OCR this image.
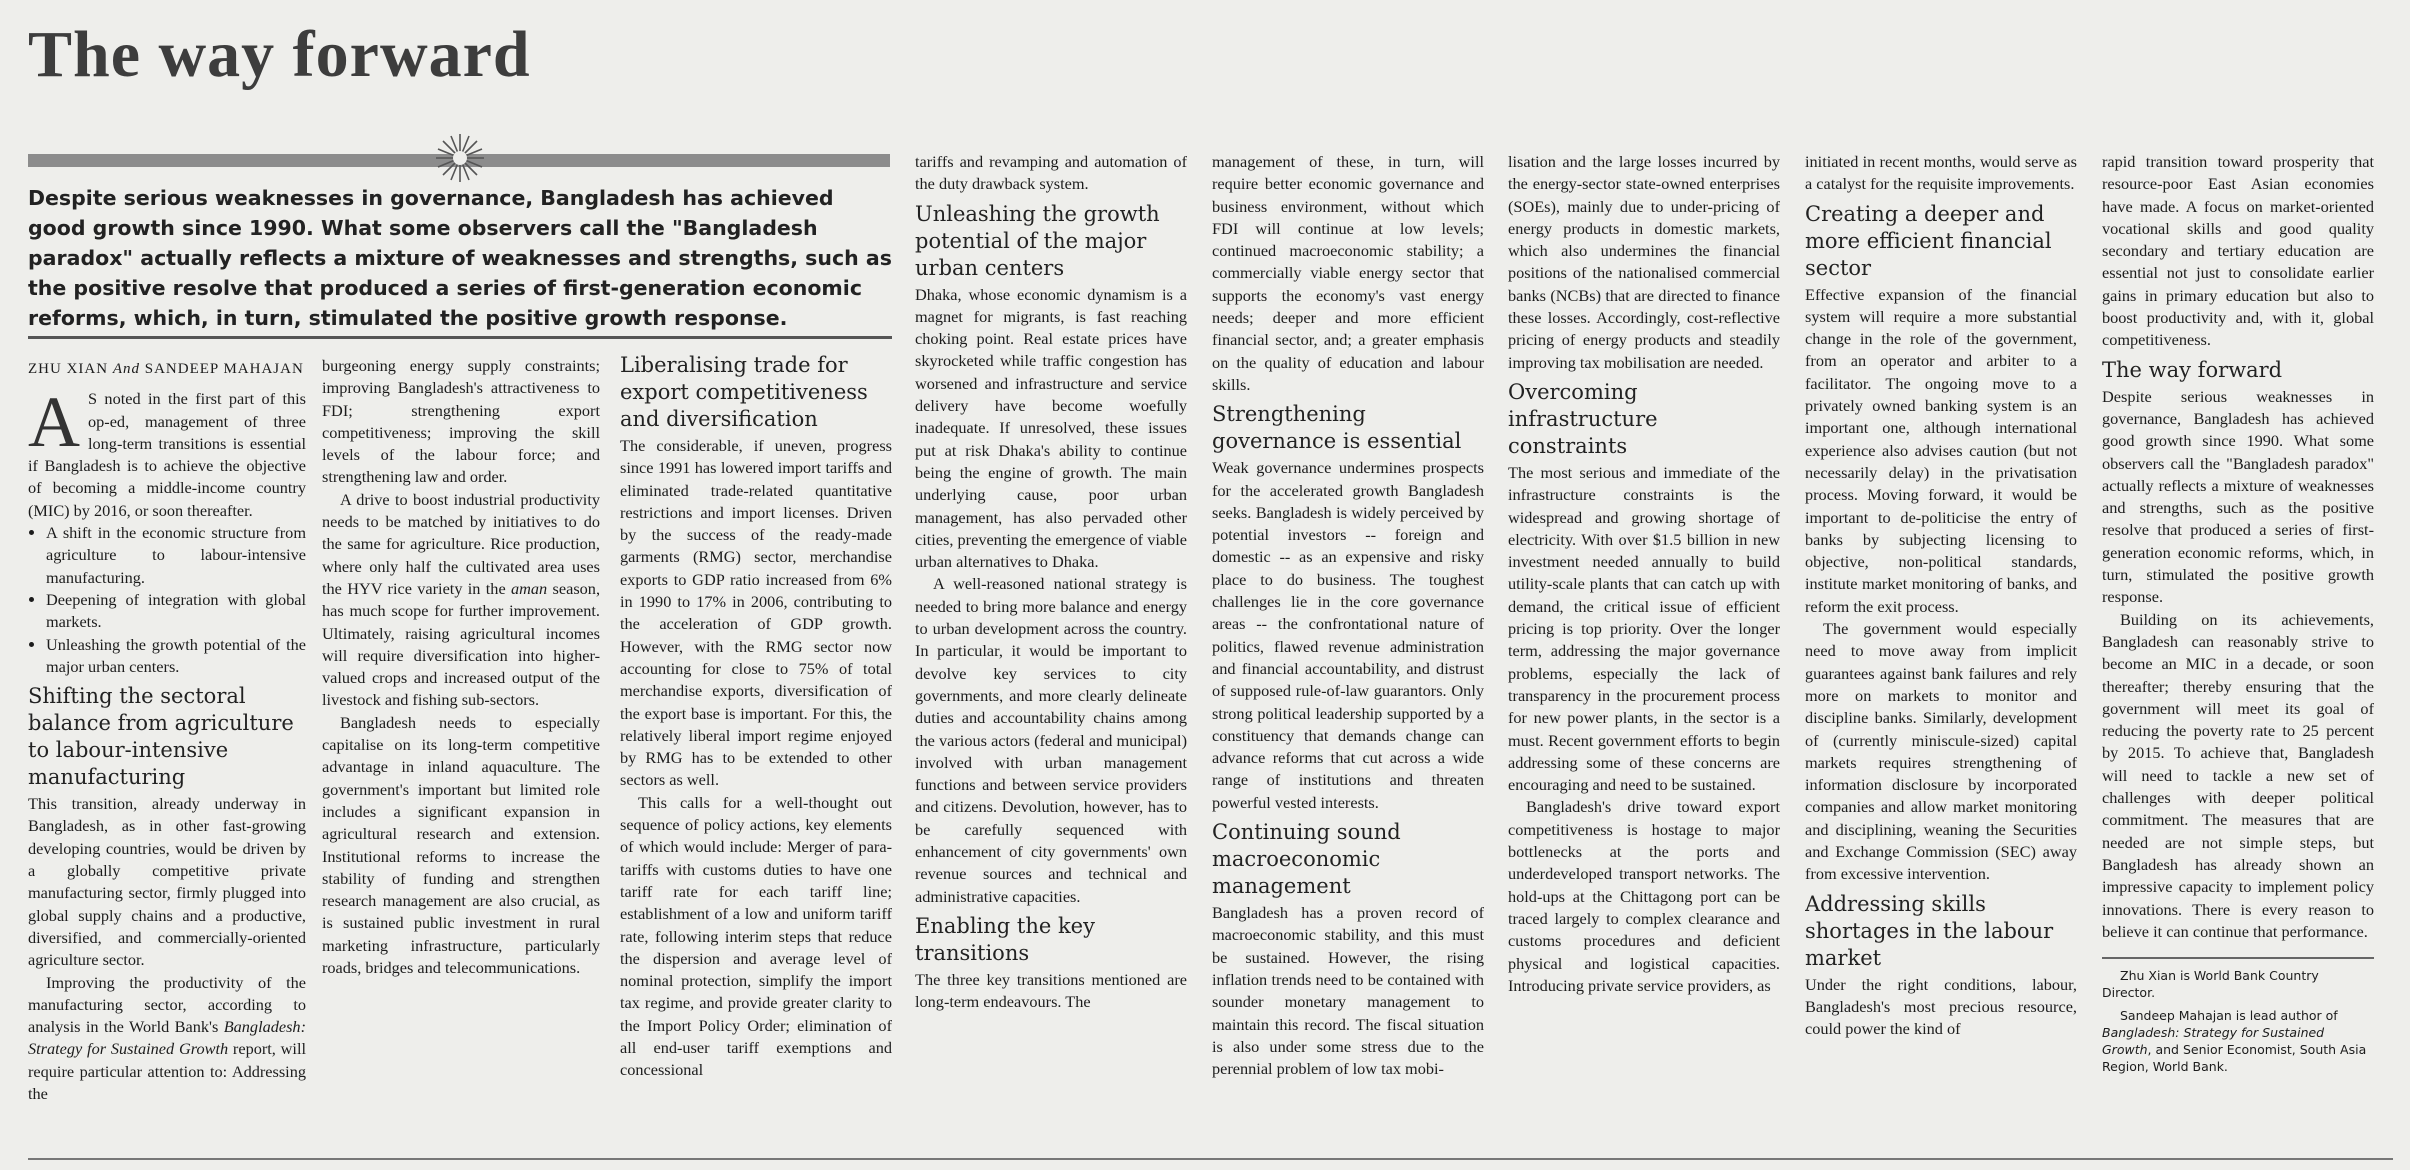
The way forward

Despite serious weaknesses in governance, Bangladesh has achieved good growth since 1990. What some observers call the "Bangladesh paradox" actually reflects a mixture of weaknesses and strengths, such as the positive resolve that produced a series of first-generation economic reforms, which, in turn, stimulated the positive growth response.

ZHU XIAN And SANDEEP MAHAJAN
A S noted in the first part of this op-ed, management of three long-term transitions is essential if Bangladesh is to achieve the objective of becoming a middle-income country (MIC) by 2016, or soon thereafter.

• A shift in the economic structure from agriculture to labour-intensive manufacturing.
• Deepening of integration with global markets.
• Unleashing the growth potential of the major urban centers.
Shifting the sectoral balance from agriculture to labour-intensive manufacturing

This transition, already underway in Bangladesh, as in other fast-growing developing countries, would be driven by a globally competitive private manufacturing sector, firmly plugged into global supply chains and a productive, diversified, and commercially-oriented agriculture sector.

Improving the productivity of the manufacturing sector, according to analysis in the World Bank's Bangladesh: Strategy for Sustained Growth report, will require particular attention to: Addressing the

burgeoning energy supply constraints; improving Bangladesh's attractiveness to FDI; strengthening export competitiveness; improving the skill levels of the labour force; and strengthening law and order.

A drive to boost industrial productivity needs to be matched by initiatives to do the same for agriculture. Rice production, where only half the cultivated area uses the HYV rice variety in the aman season, has much scope for further improvement. Ultimately, raising agricultural incomes will require diversification into higher-valued crops and increased output of the livestock and fishing sub-sectors.

Bangladesh needs to especially capitalise on its long-term competitive advantage in inland aquaculture. The government's important but limited role includes a significant expansion in agricultural research and extension. Institutional reforms to increase the stability of funding and strengthen research management are also crucial, as is sustained public investment in rural marketing infrastructure, particularly roads, bridges and telecommunications.

Liberalising trade for export competitiveness and diversification

The considerable, if uneven, progress since 1991 has lowered import tariffs and eliminated trade-related quantitative restrictions and import licenses. Driven by the success of the ready-made garments (RMG) sector, merchandise exports to GDP ratio increased from 6% in 1990 to 17% in 2006, contributing to the acceleration of GDP growth. However, with the RMG sector now accounting for close to 75% of total merchandise exports, diversification of the export base is important. For this, the relatively liberal import regime enjoyed by RMG has to be extended to other sectors as well.

This calls for a well-thought out sequence of policy actions, key elements of which would include: Merger of para-tariffs with customs duties to have one tariff rate for each tariff line; establishment of a low and uniform tariff rate, following interim steps that reduce the dispersion and average level of nominal protection, simplify the import tax regime, and provide greater clarity to the Import Policy Order; elimination of all end-user tariff exemptions and concessional

tariffs and revamping and automation of the duty drawback system.

Unleashing the growth potential of the major urban centers

Dhaka, whose economic dynamism is a magnet for migrants, is fast reaching choking point. Real estate prices have skyrocketed while traffic congestion has worsened and infrastructure and service delivery have become woefully inadequate. If unresolved, these issues put at risk Dhaka's ability to continue being the engine of growth. The main underlying cause, poor urban management, has also pervaded other cities, preventing the emergence of viable urban alternatives to Dhaka.

A well-reasoned national strategy is needed to bring more balance and energy to urban development across the country. In particular, it would be important to devolve key services to city governments, and more clearly delineate duties and accountability chains among the various actors (federal and municipal) involved with urban management functions and between service providers and citizens. Devolution, however, has to be carefully sequenced with enhancement of city governments' own revenue sources and technical and administrative capacities.

Enabling the key transitions

The three key transitions mentioned are long-term endeavours. The

management of these, in turn, will require better economic governance and business environment, without which FDI will continue at low levels; continued macroeconomic stability; a commercially viable energy sector that supports the economy's vast energy needs; deeper and more efficient financial sector, and; a greater emphasis on the quality of education and labour skills.

Strengthening governance is essential

Weak governance undermines prospects for the accelerated growth Bangladesh seeks. Bangladesh is widely perceived by potential investors -- foreign and domestic -- as an expensive and risky place to do business. The toughest challenges lie in the core governance areas -- the confrontational nature of politics, flawed revenue administration and financial accountability, and distrust of supposed rule-of-law guarantors. Only strong political leadership supported by a constituency that demands change can advance reforms that cut across a wide range of institutions and threaten powerful vested interests.

Continuing sound macroeconomic management

Bangladesh has a proven record of macroeconomic stability, and this must be sustained. However, the rising inflation trends need to be contained with sounder monetary management to maintain this record. The fiscal situation is also under some stress due to the perennial problem of low tax mobi-

lisation and the large losses incurred by the energy-sector state-owned enterprises (SOEs), mainly due to under-pricing of energy products in domestic markets, which also undermines the financial positions of the nationalised commercial banks (NCBs) that are directed to finance these losses. Accordingly, cost-reflective pricing of energy products and steadily improving tax mobilisation are needed.

Overcoming infrastructure constraints

The most serious and immediate of the infrastructure constraints is the widespread and growing shortage of electricity. With over $1.5 billion in new investment needed annually to build utility-scale plants that can catch up with demand, the critical issue of efficient pricing is top priority. Over the longer term, addressing the major governance problems, especially the lack of transparency in the procurement process for new power plants, in the sector is a must. Recent government efforts to begin addressing some of these concerns are encouraging and need to be sustained.

Bangladesh's drive toward export competitiveness is hostage to major bottlenecks at the ports and underdeveloped transport networks. The hold-ups at the Chittagong port can be traced largely to complex clearance and customs procedures and deficient physical and logistical capacities. Introducing private service providers, as

initiated in recent months, would serve as a catalyst for the requisite improvements.

Creating a deeper and more efficient financial sector

Effective expansion of the financial system will require a more substantial change in the role of the government, from an operator and arbiter to a facilitator. The ongoing move to a privately owned banking system is an important one, although international experience also advises caution (but not necessarily delay) in the privatisation process. Moving forward, it would be important to de-politicise the entry of banks by subjecting licensing to objective, non-political standards, institute market monitoring of banks, and reform the exit process.

The government would especially need to move away from implicit guarantees against bank failures and rely more on markets to monitor and discipline banks. Similarly, development of (currently miniscule-sized) capital markets requires strengthening of information disclosure by incorporated companies and allow market monitoring and disciplining, weaning the Securities and Exchange Commission (SEC) away from excessive intervention.

Addressing skills shortages in the labour market

Under the right conditions, labour, Bangladesh's most precious resource, could power the kind of

rapid transition toward prosperity that resource-poor East Asian economies have made. A focus on market-oriented vocational skills and good quality secondary and tertiary education are essential not just to consolidate earlier gains in primary education but also to boost productivity and, with it, global competitiveness.

The way forward

Despite serious weaknesses in governance, Bangladesh has achieved good growth since 1990. What some observers call the "Bangladesh paradox" actually reflects a mixture of weaknesses and strengths, such as the positive resolve that produced a series of first-generation economic reforms, which, in turn, stimulated the positive growth response.

Building on its achievements, Bangladesh can reasonably strive to become an MIC in a decade, or soon thereafter; thereby ensuring that the government will meet its goal of reducing the poverty rate to 25 percent by 2015. To achieve that, Bangladesh will need to tackle a new set of challenges with deeper political commitment. The measures that are needed are not simple steps, but Bangladesh has already shown an impressive capacity to implement policy innovations. There is every reason to believe it can continue that performance.

Zhu Xian is World Bank Country Director.

Sandeep Mahajan is lead author of Bangladesh: Strategy for Sustained Growth, and Senior Economist, South Asia Region, World Bank.
